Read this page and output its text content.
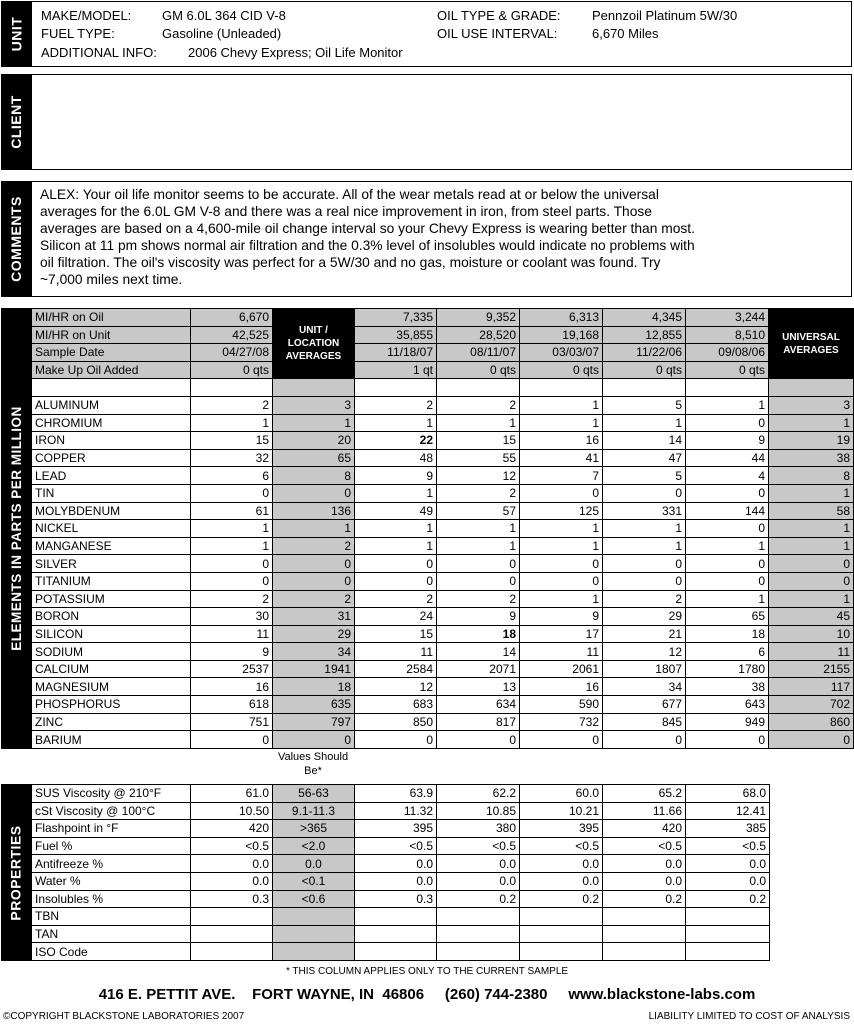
UNIT
MAKE/MODEL: GM 6.0L 364 CID V-8
FUEL TYPE:	Gasoline (Unleaded)
ADDITIONAL INFO: 2006 Chevy Express; Oil Life Monitor
OIL TYPE & GRADE: Pennzoil Platinum 5W/30
OIL USE INTERVAL:	6,670 Miles
CLIENT
COMMENTS
ALEX: Your oil life monitor seems to be accurate. All of the wear metals read at or below the universal
averages for the 6.0L GM V-8 and there was a real nice improvement in iron, from steel parts. Those
averages are based on a 4,600-mile oil change interval so your Chevy Express is wearing better than most.
Silicon at 11 pm shows normal air filtration and the 0.3% level of insolubles would indicate no problems with
oil filtration. The oil's viscosity was perfect for a 5W/30 and no gas, moisture or coolant was found. Try
~7,000 miles next time.
ELEMENTS IN PARTS PER MILLION
MI/HR on Oil	6,670	UNIT / LOCATION AVERAGES	7,335	9,352	6,313	4,345	3,244	UNIVERSAL AVERAGES
MI/HR on Unit	42,525		35,855	28,520	19,168	12,855	8,510	
Sample Date	04/27/08		11/18/07	08/11/07	03/03/07	11/22/06	09/08/06	
Make Up Oil Added	0 qts		1 qt	0 qts	0 qts	0 qts	0 qts	

ALUMINUM	2	3	2	2	1	5	1	3
CHROMIUM	1	1	1	1	1	1	0	1
IRON	15	20	22	15	16	14	9	19
COPPER	32	65	48	55	41	47	44	38
LEAD	6	8	9	12	7	5	4	8
TIN	0	0	1	2	0	0	0	1
MOLYBDENUM	61	136	49	57	125	331	144	58
NICKEL	1	1	1	1	1	1	0	1
MANGANESE	1	2	1	1	1	1	1	1
SILVER	0	0	0	0	0	0	0	0
TITANIUM	0	0	0	0	0	0	0	0
POTASSIUM	2	2	2	2	1	2	1	1
BORON	30	31	24	9	9	29	65	45
SILICON	11	29	15	18	17	21	18	10
SODIUM	9	34	11	14	11	12	6	11
CALCIUM	2537	1941	2584	2071	2061	1807	1780	2155
MAGNESIUM	16	18	12	13	16	34	38	117
PHOSPHORUS	618	635	683	634	590	677	643	702
ZINC	751	797	850	817	732	845	949	860
BARIUM	0	0	0	0	0	0	0	0
Values Should Be*
PROPERTIES
SUS Viscosity @ 210°F	61.0	56-63	63.9	62.2	60.0	65.2	68.0
cSt Viscosity @ 100°C	10.50	9.1-11.3	11.32	10.85	10.21	11.66	12.41
Flashpoint in °F	420	>365	395	380	395	420	385
Fuel %	<0.5	<2.0	<0.5	<0.5	<0.5	<0.5	<0.5
Antifreeze %	0.0	0.0	0.0	0.0	0.0	0.0	0.0
Water %	0.0	<0.1	0.0	0.0	0.0	0.0	0.0
Insolubles %	0.3	<0.6	0.3	0.2	0.2	0.2	0.2
TBN							
TAN							
ISO Code							
* THIS COLUMN APPLIES ONLY TO THE CURRENT SAMPLE
416 E. PETTIT AVE.    FORT WAYNE, IN  46806     (260) 744-2380     www.blackstone-labs.com
©COPYRIGHT BLACKSTONE LABORATORIES 2007	LIABILITY LIMITED TO COST OF ANALYSIS
